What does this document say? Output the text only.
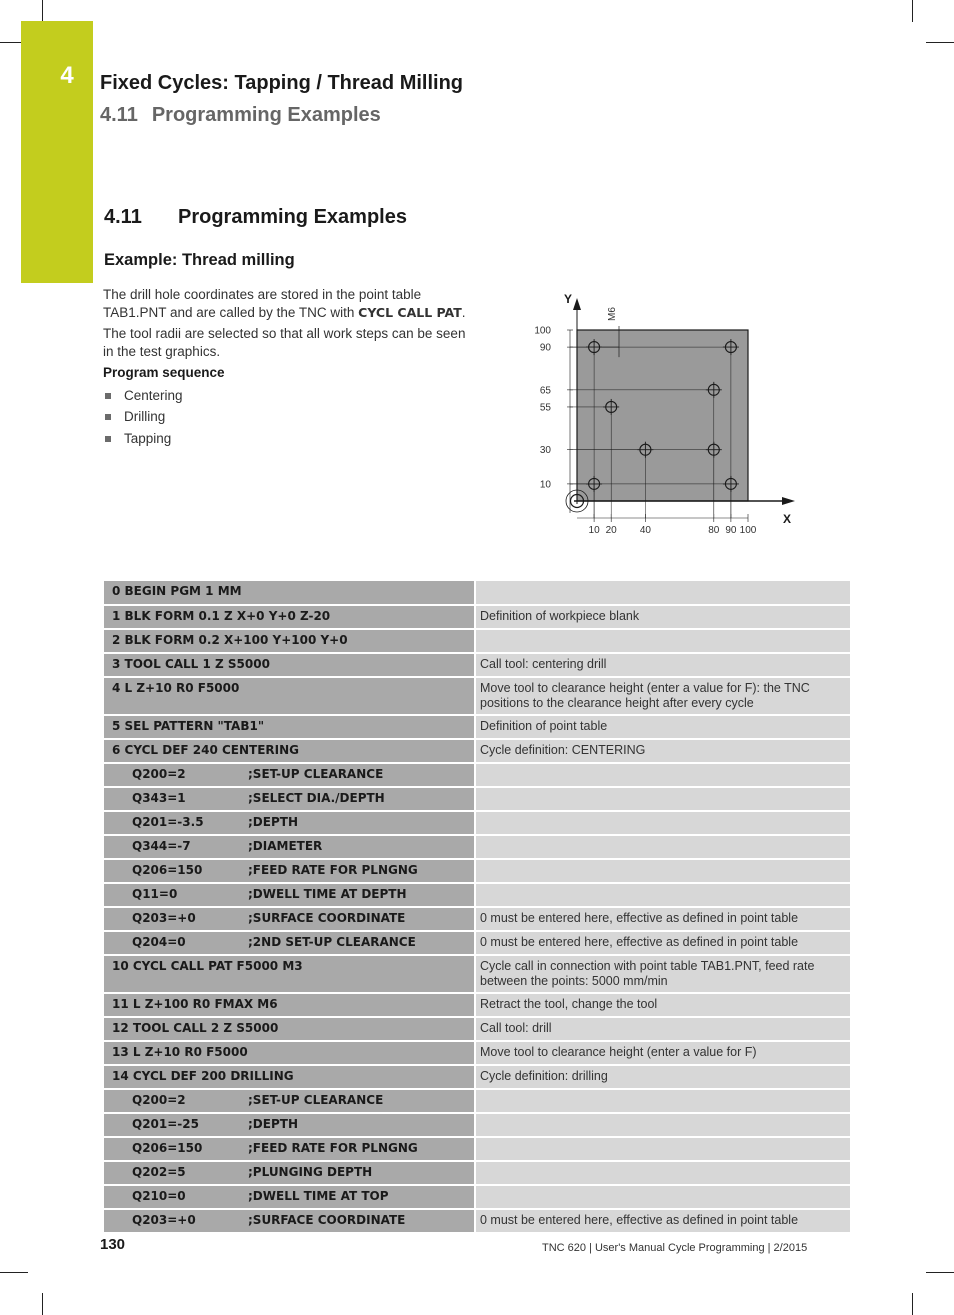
4 Fixed Cycles: Tapping / Thread Milling
4.11 Programming Examples
4.11 Programming Examples
Example: Thread milling

The drill hole coordinates are stored in the point table TAB1.PNT and are called by the TNC with CYCL CALL PAT.

The tool radii are selected so that all work steps can be seen in the test graphics.

Program sequence

Centering
Drilling
Tapping
Y
X
100
90
65
55
30
10
10 20 40	80 90 100
M6
0 BEGIN PGM 1 MM	
1 BLK FORM 0.1 Z X+0 Y+0 Z-20	Definition of workpiece blank
2 BLK FORM 0.2 X+100 Y+100 Y+0	
3 TOOL CALL 1 Z S5000	Call tool: centering drill
4 L Z+10 R0 F5000	Move tool to clearance height (enter a value for F): the TNC positions to the clearance height after every cycle
5 SEL PATTERN "TAB1"	Definition of point table
6 CYCL DEF 240 CENTERING	Cycle definition: CENTERING
Q200=2 ;SET-UP CLEARANCE	
Q343=1 ;SELECT DIA./DEPTH	
Q201=-3.5 ;DEPTH	
Q344=-7 ;DIAMETER	
Q206=150 ;FEED RATE FOR PLNGNG	
Q11=0 ;DWELL TIME AT DEPTH	
Q203=+0 ;SURFACE COORDINATE	0 must be entered here, effective as defined in point table
Q204=0 ;2ND SET-UP CLEARANCE	0 must be entered here, effective as defined in point table
10 CYCL CALL PAT F5000 M3	Cycle call in connection with point table TAB1.PNT, feed rate between the points: 5000 mm/min
11 L Z+100 R0 FMAX M6	Retract the tool, change the tool
12 TOOL CALL 2 Z S5000	Call tool: drill
13 L Z+10 R0 F5000	Move tool to clearance height (enter a value for F)
14 CYCL DEF 200 DRILLING	Cycle definition: drilling
Q200=2 ;SET-UP CLEARANCE	
Q201=-25 ;DEPTH	
Q206=150 ;FEED RATE FOR PLNGNG	
Q202=5 ;PLUNGING DEPTH	
Q210=0 ;DWELL TIME AT TOP	
Q203=+0 ;SURFACE COORDINATE	0 must be entered here, effective as defined in point table
130	TNC 620 | User's Manual Cycle Programming | 2/2015
